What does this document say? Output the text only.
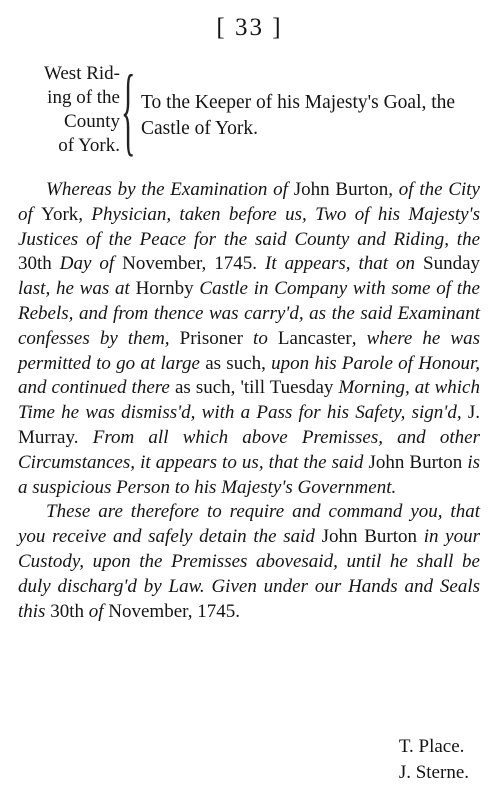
[ 33 ]
West Rid-
ing of the
County
of York. { To the Keeper of his Majesty's Goal, the Castle of York.

Whereas by the Examination of John Burton, of the City of York, Physician, taken before us, Two of his Majesty's Justices of the Peace for the said County and Riding, the 30th Day of November, 1745. It appears, that on Sunday last, he was at Hornby Castle in Company with some of the Rebels, and from thence was carry'd, as the said Examinant confesses by them, Prisoner to Lancaster, where he was permitted to go at large as such, upon his Parole of Honour, and continued there as such, 'till Tuesday Morning, at which Time he was dismiss'd, with a Pass for his Safety, sign'd, J. Murray. From all which above Premisses, and other Circumstances, it appears to us, that the said John Burton is a suspicious Person to his Majesty's Government.

These are therefore to require and command you, that you receive and safely detain the said John Burton in your Custody, upon the Premisses abovesaid, until he shall be duly discharg'd by Law. Given under our Hands and Seals this 30th of November, 1745.

T. Place.
J. Sterne.
